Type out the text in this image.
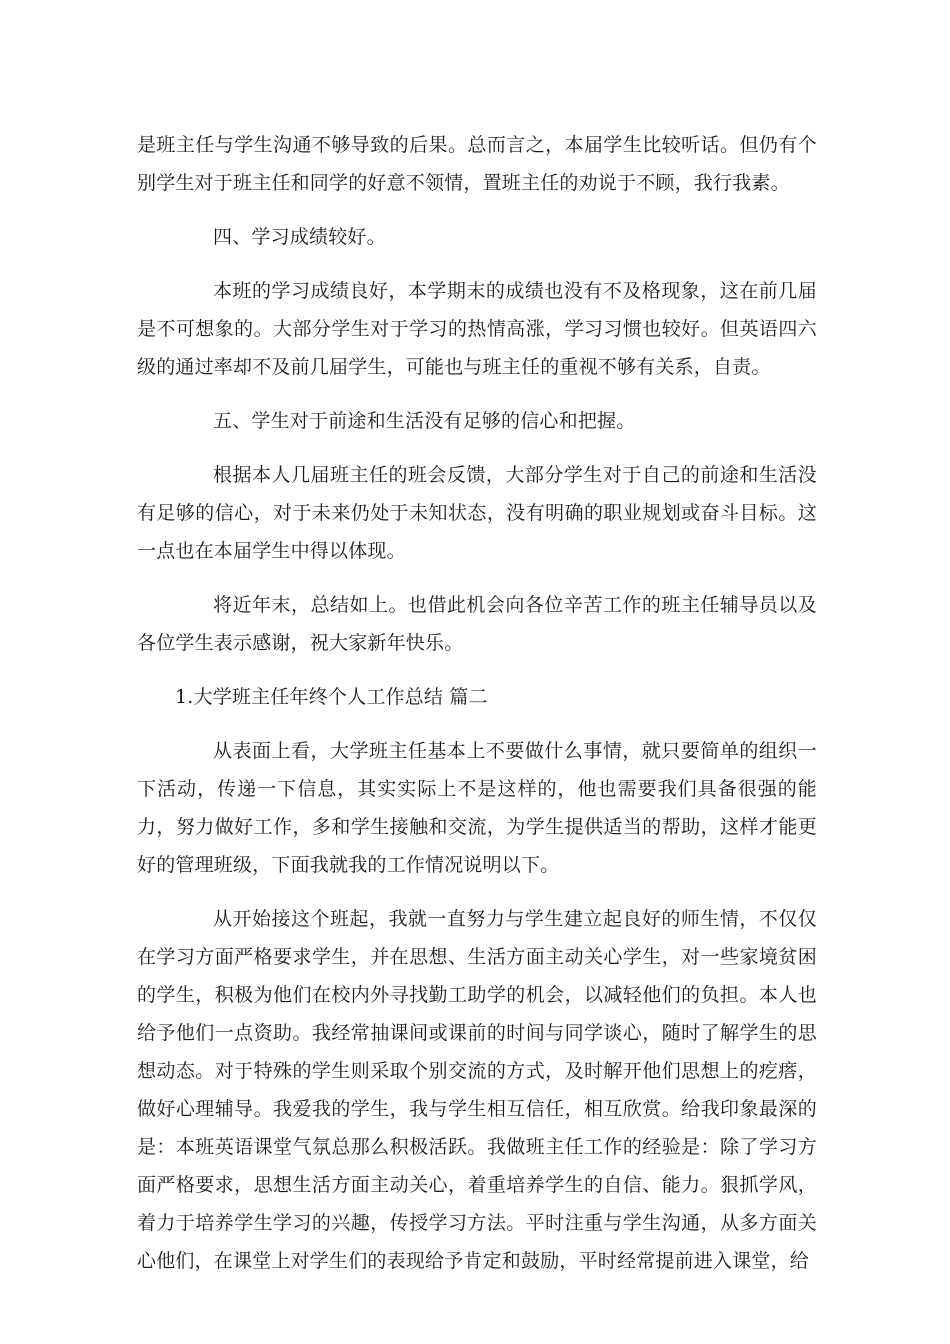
是班主任与学生沟通不够导致的后果。总而言之，本届学生比较听话。但仍有个别学生对于班主任和同学的好意不领情，置班主任的劝说于不顾，我行我素。

四、学习成绩较好。

本班的学习成绩良好，本学期末的成绩也没有不及格现象，这在前几届是不可想象的。大部分学生对于学习的热情高涨，学习习惯也较好。但英语四六级的通过率却不及前几届学生，可能也与班主任的重视不够有关系，自责。

五、学生对于前途和生活没有足够的信心和把握。

根据本人几届班主任的班会反馈，大部分学生对于自己的前途和生活没有足够的信心，对于未来仍处于未知状态，没有明确的职业规划或奋斗目标。这一点也在本届学生中得以体现。

将近年末，总结如上。也借此机会向各位辛苦工作的班主任辅导员以及各位学生表示感谢，祝大家新年快乐。

1.大学班主任年终个人工作总结 篇二

从表面上看，大学班主任基本上不要做什么事情，就只要简单的组织一下活动，传递一下信息，其实实际上不是这样的，他也需要我们具备很强的能力，努力做好工作，多和学生接触和交流，为学生提供适当的帮助，这样才能更好的管理班级，下面我就我的工作情况说明以下。

从开始接这个班起，我就一直努力与学生建立起良好的师生情，不仅仅在学习方面严格要求学生，并在思想、生活方面主动关心学生，对一些家境贫困的学生，积极为他们在校内外寻找勤工助学的机会，以减轻他们的负担。本人也给予他们一点资助。我经常抽课间或课前的时间与同学谈心，随时了解学生的思想动态。对于特殊的学生则采取个别交流的方式，及时解开他们思想上的疙瘩，做好心理辅导。我爱我的学生，我与学生相互信任，相互欣赏。给我印象最深的是：本班英语课堂气氛总那么积极活跃。我做班主任工作的经验是：除了学习方面严格要求，思想生活方面主动关心，着重培养学生的自信、能力。狠抓学风，着力于培养学生学习的兴趣，传授学习方法。平时注重与学生沟通，从多方面关心他们，在课堂上对学生们的表现给予肯定和鼓励，平时经常提前进入课堂，给
